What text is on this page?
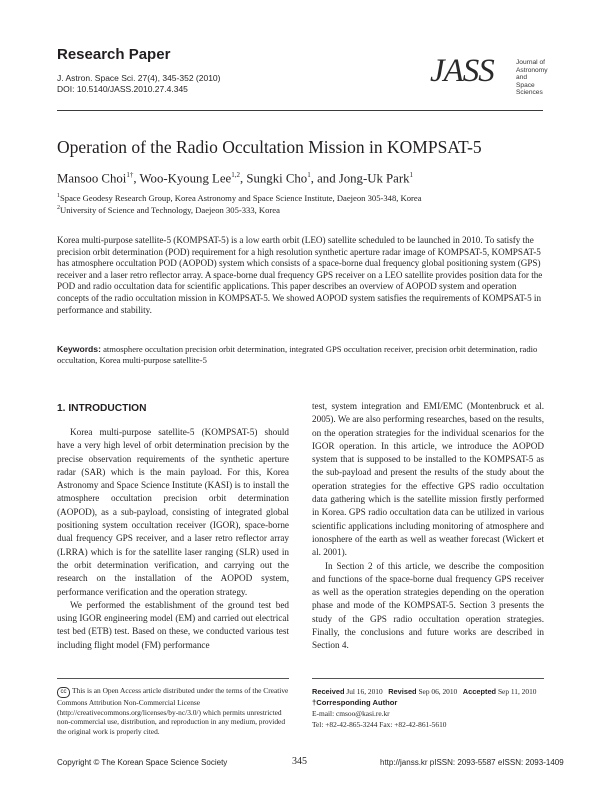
Research Paper
J. Astron. Space Sci. 27(4), 345-352 (2010)
DOI: 10.5140/JASS.2010.27.4.345	JASS	Journal of
Astronomy and
Space Sciences
Operation of the Radio Occultation Mission in KOMPSAT-5
Mansoo Choi$^{1\dagger}$, Woo-Kyoung Lee$^{1,2}$, Sungki Cho$^1$, and Jong-Uk Park$^1$
$^1$Space Geodesy Research Group, Korea Astronomy and Space Science Institute, Daejeon 305-348, Korea
$^2$University of Science and Technology, Daejeon 305-333, Korea
Korea multi-purpose satellite-5 (KOMPSAT-5) is a low earth orbit (LEO) satellite scheduled to be launched in 2010. To satisfy the precision orbit determination (POD) requirement for a high resolution synthetic aperture radar image of KOMPSAT-5, KOMPSAT-5 has atmosphere occultation POD (AOPOD) system which consists of a space-borne dual frequency global positioning system (GPS) receiver and a laser retro reflector array. A space-borne dual frequency GPS receiver on a LEO satellite provides position data for the POD and radio occultation data for scientific applications. This paper describes an overview of AOPOD system and operation concepts of the radio occultation mission in KOMPSAT-5. We showed AOPOD system satisfies the requirements of KOMPSAT-5 in performance and stability.
Keywords: atmosphere occultation precision orbit determination, integrated GPS occultation receiver, precision orbit determination, radio occultation, Korea multi-purpose satellite-5
1. INTRODUCTION

Korea multi-purpose satellite-5 (KOMPSAT-5) should have a very high level of orbit determination precision by the precise observation requirements of the synthetic aperture radar (SAR) which is the main payload. For this, Korea Astronomy and Space Science Institute (KASI) is to install the atmosphere occultation precision orbit determination (AOPOD), as a sub-payload, consisting of integrated global positioning system occultation receiver (IGOR), space-borne dual frequency GPS receiver, and a laser retro reflector array (LRRA) which is for the satellite laser ranging (SLR) used in the orbit determination verification, and carrying out the research on the installation of the AOPOD system, performance verification and the operation strategy.

We performed the establishment of the ground test bed using IGOR engineering model (EM) and carried out electrical test bed (ETB) test. Based on these, we conducted various test including flight model (FM) performance

test, system integration and EMI/EMC (Montenbruck et al. 2005). We are also performing researches, based on the results, on the operation strategies for the individual scenarios for the IGOR operation. In this article, we introduce the AOPOD system that is supposed to be installed to the KOMPSAT-5 as the sub-payload and present the results of the study about the operation strategies for the effective GPS radio occultation data gathering which is the satellite mission firstly performed in Korea. GPS radio occultation data can be utilized in various scientific applications including monitoring of atmosphere and ionosphere of the earth as well as weather forecast (Wickert et al. 2001).

In Section 2 of this article, we describe the composition and functions of the space-borne dual frequency GPS receiver as well as the operation strategies depending on the operation phase and mode of the KOMPSAT-5. Section 3 presents the study of the GPS radio occultation operation strategies. Finally, the conclusions and future works are described in Section 4.

cc This is an Open Access article distributed under the terms of the Creative Commons Attribution Non-Commercial License (http://creativecommons.org/licenses/by-nc/3.0/) which permits unrestricted non-commercial use, distribution, and reproduction in any medium, provided the original work is properly cited.
Received Jul 16, 2010 Revised Sep 06, 2010 Accepted Sep 11, 2010
†Corresponding Author
E-mail: cmsoo@kasi.re.kr
Tel: +82-42-865-3244 Fax: +82-42-861-5610
Copyright © The Korean Space Science Society	345	http://janss.kr pISSN: 2093-5587 eISSN: 2093-1409
